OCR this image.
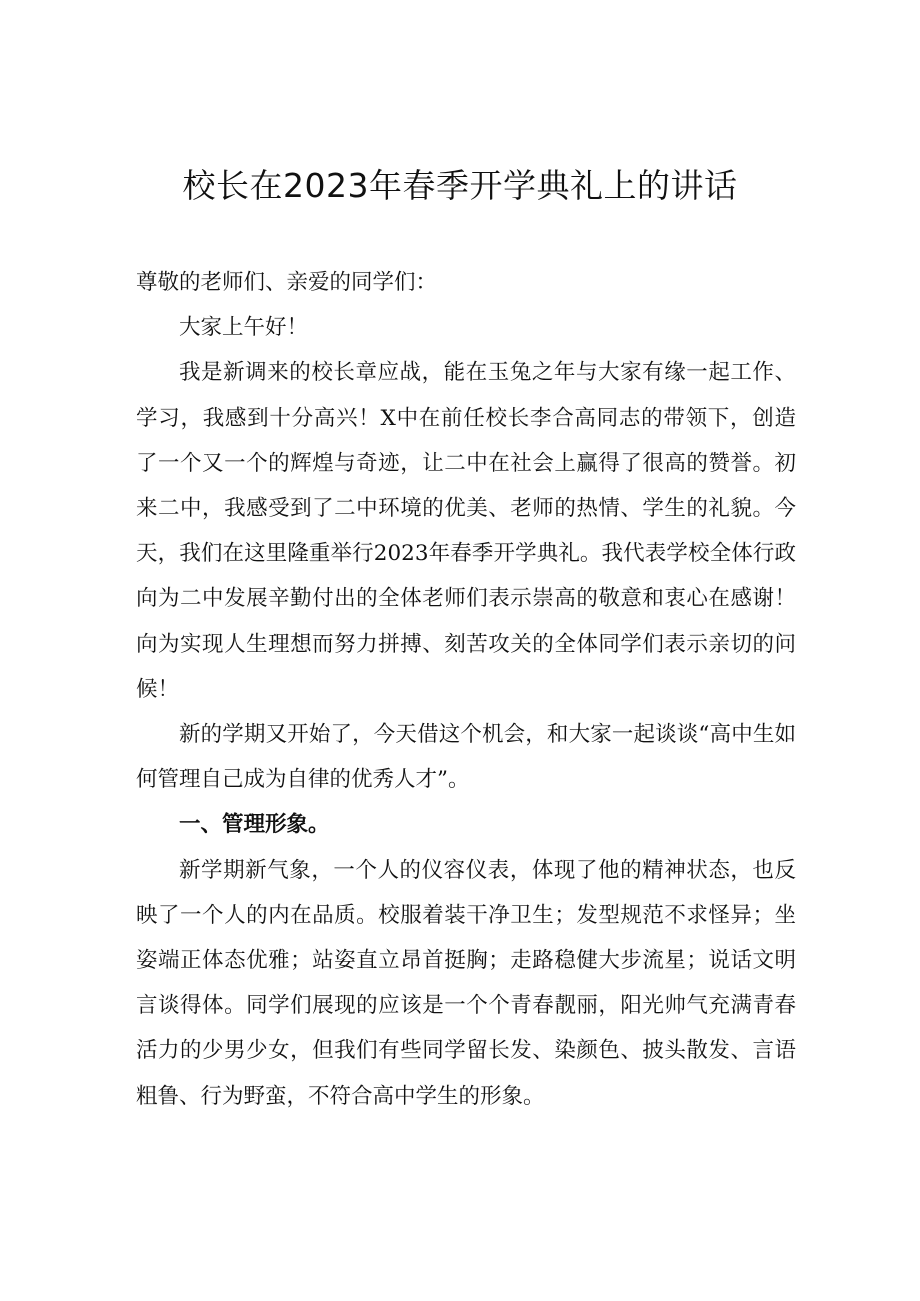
校长在2023年春季开学典礼上的讲话

尊敬的老师们、亲爱的同学们：

大家上午好！

我是新调来的校长章应战，能在玉兔之年与大家有缘一起工作、学习，我感到十分高兴！X中在前任校长李合高同志的带领下，创造了一个又一个的辉煌与奇迹，让二中在社会上赢得了很高的赞誉。初来二中，我感受到了二中环境的优美、老师的热情、学生的礼貌。今天，我们在这里隆重举行2023年春季开学典礼。我代表学校全体行政向为二中发展辛勤付出的全体老师们表示崇高的敬意和衷心在感谢！向为实现人生理想而努力拼搏、刻苦攻关的全体同学们表示亲切的问候！

新的学期又开始了，今天借这个机会，和大家一起谈谈“高中生如何管理自己成为自律的优秀人才”。

一、管理形象。

新学期新气象，一个人的仪容仪表，体现了他的精神状态，也反映了一个人的内在品质。校服着装干净卫生；发型规范不求怪异；坐姿端正体态优雅；站姿直立昂首挺胸；走路稳健大步流星；说话文明言谈得体。同学们展现的应该是一个个青春靓丽，阳光帅气充满青春活力的少男少女，但我们有些同学留长发、染颜色、披头散发、言语粗鲁、行为野蛮，不符合高中学生的形象。
